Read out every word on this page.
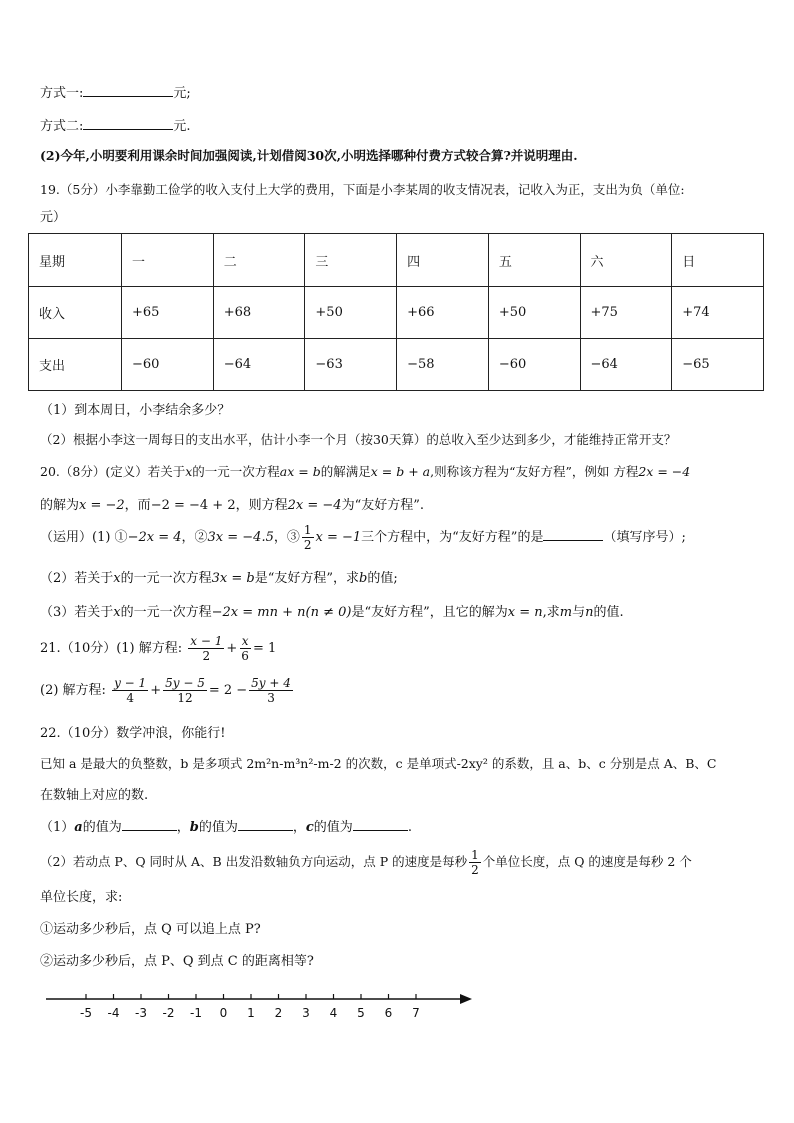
方式一:	元;
方式二:	元.
(2)今年,小明要利用课余时间加强阅读,计划借阅30次,小明选择哪种付费方式较合算?并说明理由.
19.（5分）小李靠勤工俭学的收入支付上大学的费用，下面是小李某周的收支情况表，记收入为正，支出为负（单位:
元）
星期	一	二	三	四	五	六	日
收入	+65	+68	+50	+66	+50	+75	+74
支出	−60	−64	−63	−58	−60	−64	−65
（1）到本周日，小李结余多少？
（2）根据小李这一周每日的支出水平，估计小李一个月（按30天算）的总收入至少达到多少，才能维持正常开支？
20.（8分）(定义）若关于x的一元一次方程ax = b的解满足x = b + a,则称该方程为“友好方程”，例如 方程2x = −4
的解为x = −2，而−2 = −4 + 2，则方程2x = −4为“友好方程”.
（运用）(1) ①−2x = 4，②3x = −4.5，③ $\frac{1}{2}$ x = −1三个方程中，为“友好方程”的是	（填写序号）;
（2）若关于x的一元一次方程3x = b是“友好方程”，求b的值;
（3）若关于x的一元一次方程−2x = mn + n(n ≠ 0)是“友好方程”，且它的解为x = n,求m与n的值.
21.（10分）(1) 解方程: $\frac{x - 1}{2} + \frac{x}{6} = 1$
(2) 解方程: $\frac{y - 1}{4} + \frac{5y - 5}{12} = 2 - \frac{5y + 4}{3}$
22.（10分）数学冲浪，你能行!
已知 a 是最大的负整数，b 是多项式 2m²n-m³n²-m-2 的次数，c 是单项式-2xy² 的系数，且 a、b、c 分别是点 A、B、C
在数轴上对应的数.
（1）a的值为	，b的值为	，c的值为	.
（2）若动点 P、Q 同时从 A、B 出发沿数轴负方向运动，点 P 的速度是每秒 $\frac{1}{2}$ 个单位长度，点 Q 的速度是每秒 2 个
单位长度，求:
①运动多少秒后，点 Q 可以追上点 P?
②运动多少秒后，点 P、Q 到点 C 的距离相等?
-5 -4 -3 -2 -1 0 1 2 3 4 5 6 7
